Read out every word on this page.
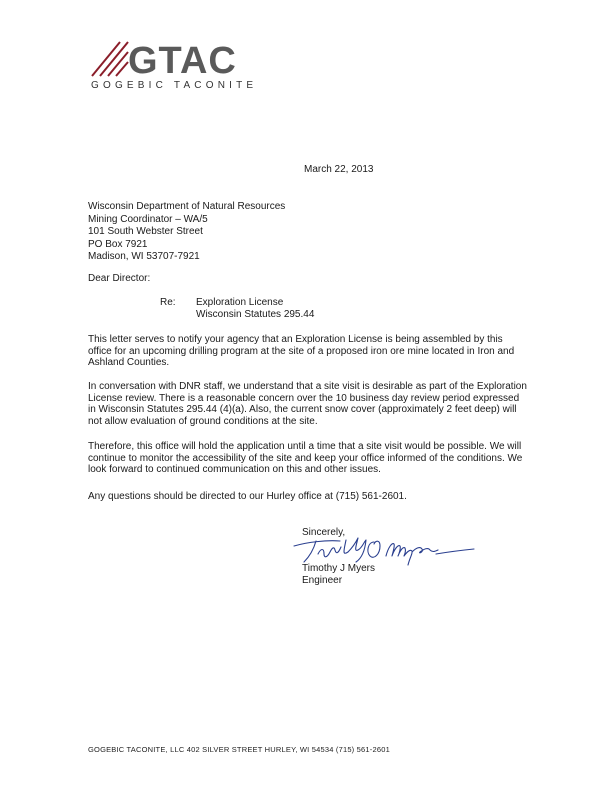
GTAC
GOGEBIC TACONITE
March 22, 2013
Wisconsin Department of Natural Resources
Mining Coordinator – WA/5
101 South Webster Street
PO Box 7921
Madison, WI 53707-7921
Dear Director:
Re: Exploration License
Wisconsin Statutes 295.44
This letter serves to notify your agency that an Exploration License is being assembled by this office for an upcoming drilling program at the site of a proposed iron ore mine located in Iron and Ashland Counties.
In conversation with DNR staff, we understand that a site visit is desirable as part of the Exploration License review. There is a reasonable concern over the 10 business day review period expressed in Wisconsin Statutes 295.44 (4)(a). Also, the current snow cover (approximately 2 feet deep) will not allow evaluation of ground conditions at the site.
Therefore, this office will hold the application until a time that a site visit would be possible. We will continue to monitor the accessibility of the site and keep your office informed of the conditions. We look forward to continued communication on this and other issues.
Any questions should be directed to our Hurley office at (715) 561-2601.
Sincerely,
Timothy J Myers
Engineer
GOGEBIC TACONITE, LLC 402 SILVER STREET HURLEY, WI 54534 (715) 561-2601
